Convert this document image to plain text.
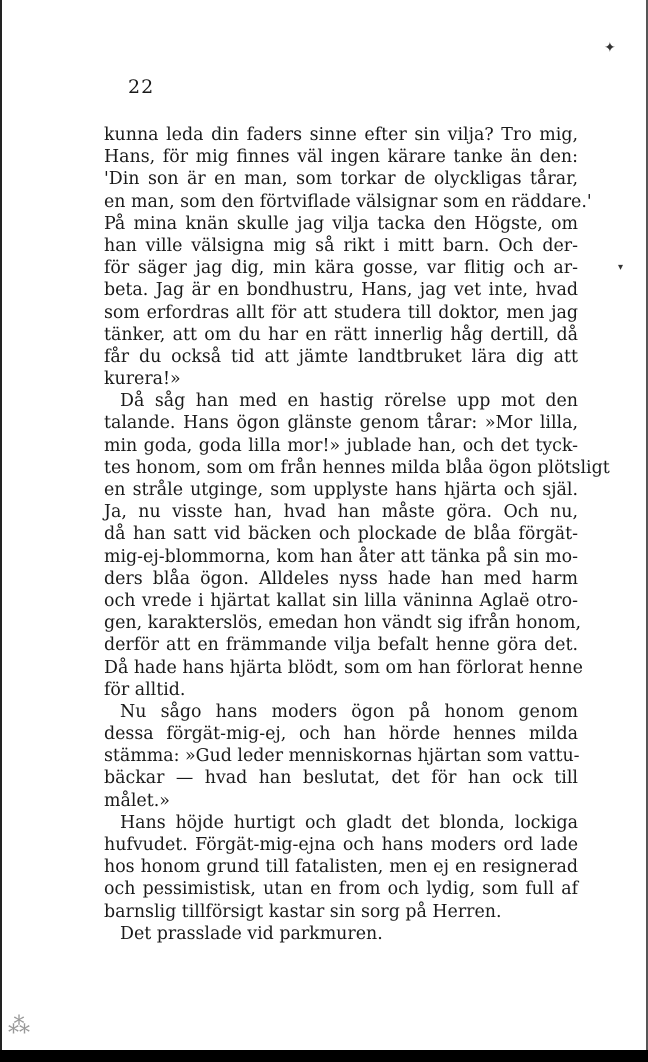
22
kunna leda din faders sinne efter sin vilja? Tro mig,
Hans, för mig finnes väl ingen kärare tanke än den:
'Din son är en man, som torkar de olyckligas tårar,
en man, som den förtviflade välsignar som en räddare.'
På mina knän skulle jag vilja tacka den Högste, om
han ville välsigna mig så rikt i mitt barn. Och der-
för säger jag dig, min kära gosse, var flitig och ar-
beta. Jag är en bondhustru, Hans, jag vet inte, hvad
som erfordras allt för att studera till doktor, men jag
tänker, att om du har en rätt innerlig håg dertill, då
får du också tid att jämte landtbruket lära dig att
kurera!»
Då såg han med en hastig rörelse upp mot den
talande. Hans ögon glänste genom tårar: »Mor lilla,
min goda, goda lilla mor!» jublade han, och det tyck-
tes honom, som om från hennes milda blåa ögon plötsligt
en stråle utginge, som upplyste hans hjärta och själ.
Ja, nu visste han, hvad han måste göra. Och nu,
då han satt vid bäcken och plockade de blåa förgät-
mig-ej-blommorna, kom han åter att tänka på sin mo-
ders blåa ögon. Alldeles nyss hade han med harm
och vrede i hjärtat kallat sin lilla väninna Aglaë otro-
gen, karakterslös, emedan hon vändt sig ifrån honom,
derför att en främmande vilja befalt henne göra det.
Då hade hans hjärta blödt, som om han förlorat henne
för alltid.
Nu sågo hans moders ögon på honom genom
dessa förgät-mig-ej, och han hörde hennes milda
stämma: »Gud leder menniskornas hjärtan som vattu-
bäckar — hvad han beslutat, det för han ock till
målet.»
Hans höjde hurtigt och gladt det blonda, lockiga
hufvudet. Förgät-mig-ejna och hans moders ord lade
hos honom grund till fatalisten, men ej en resignerad
och pessimistisk, utan en from och lydig, som full af
barnslig tillförsigt kastar sin sorg på Herren.
Det prasslade vid parkmuren.
✦
▾
⁂
